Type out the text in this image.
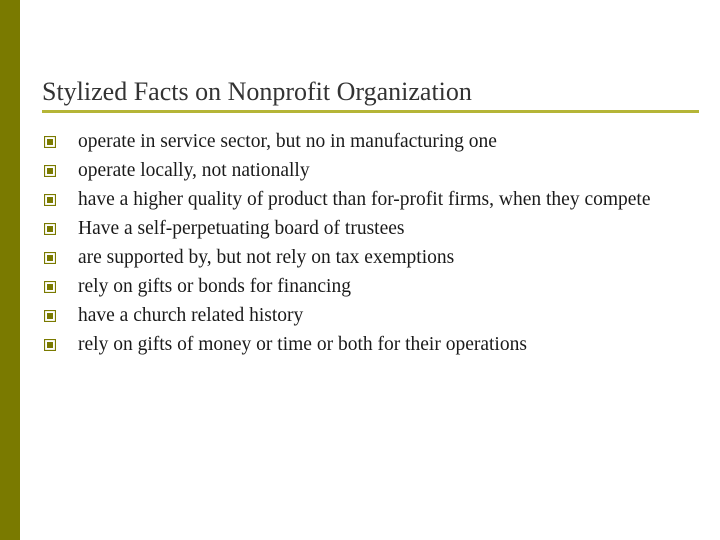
Stylized Facts on Nonprofit Organization
operate in service sector, but no in manufacturing one
operate locally, not nationally
have a higher quality of product than for-profit firms, when they compete
Have a self-perpetuating board of trustees
are supported by, but not rely on tax exemptions
rely on gifts or bonds for financing
have a church related history
rely on gifts of money or time or both for their operations
